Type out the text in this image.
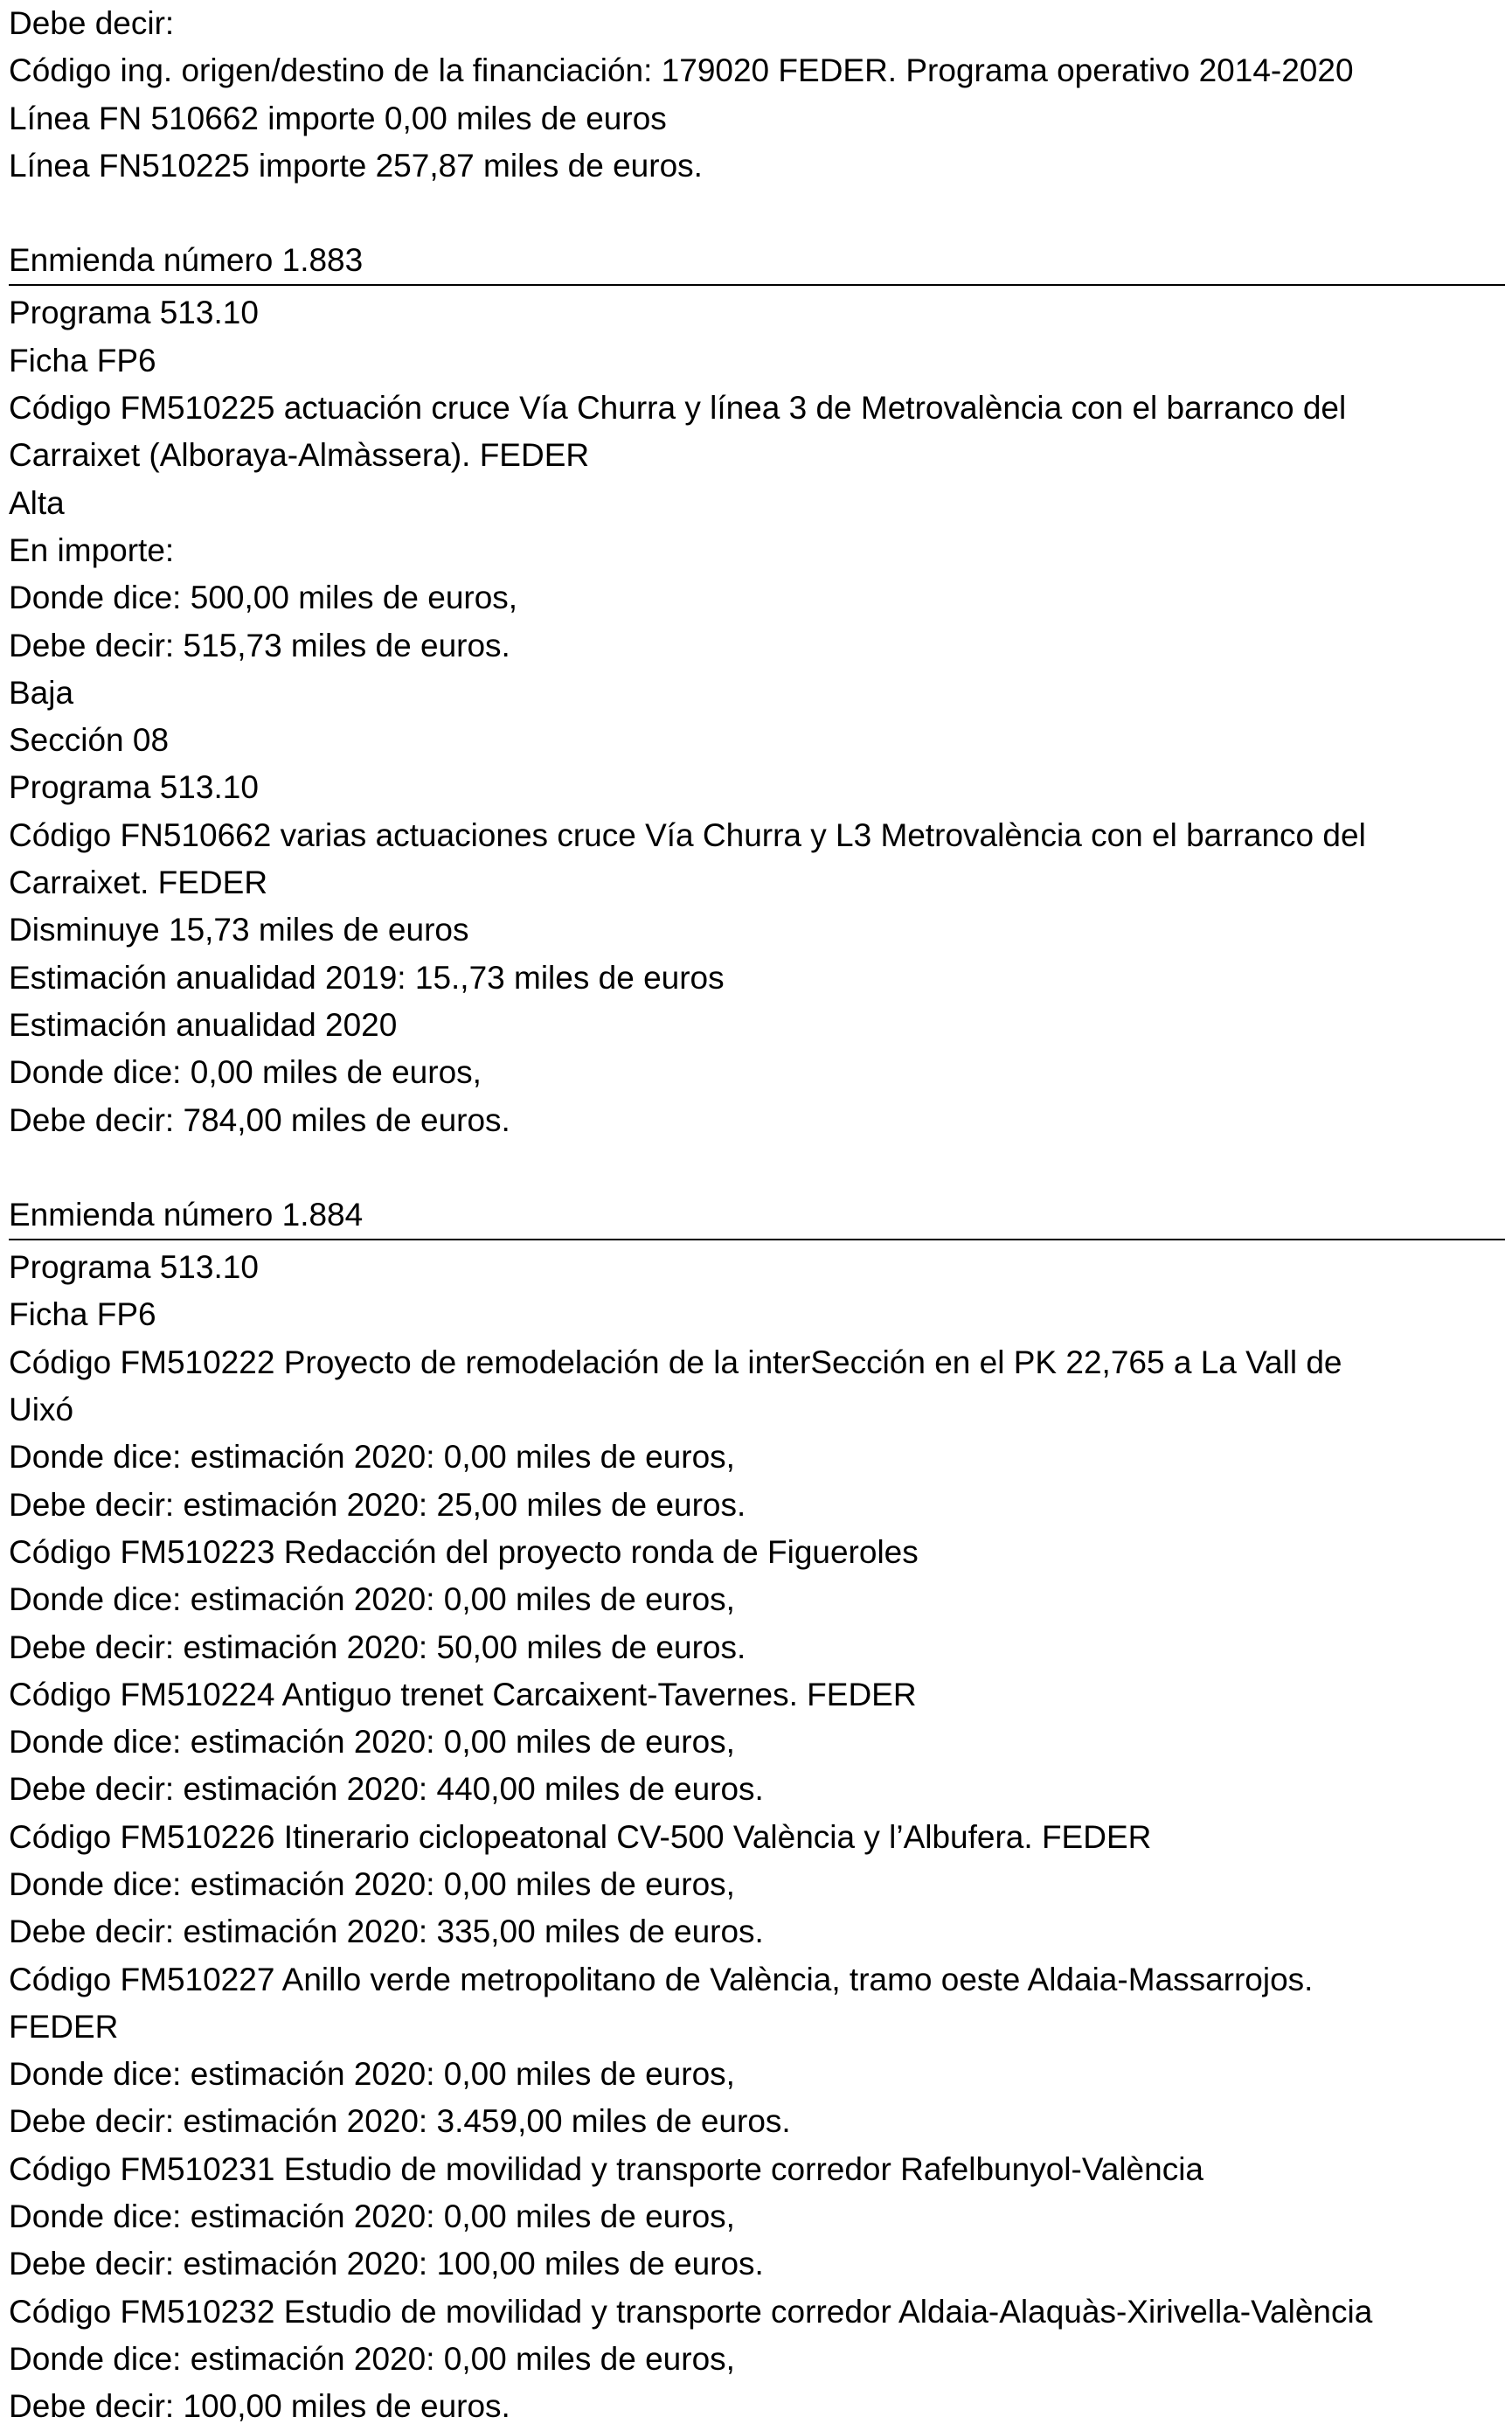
Debe decir:
Código ing. origen/destino de la financiación: 179020 FEDER. Programa operativo 2014-2020
Línea FN 510662 importe 0,00 miles de euros
Línea FN510225 importe 257,87 miles de euros.
Enmienda número 1.883
Programa 513.10
Ficha FP6
Código FM510225 actuación cruce Vía Churra y línea 3 de Metrovalència con el barranco del
Carraixet (Alboraya-Almàssera). FEDER
Alta
En importe:
Donde dice: 500,00 miles de euros,
Debe decir: 515,73 miles de euros.
Baja
Sección 08
Programa 513.10
Código FN510662 varias actuaciones cruce Vía Churra y L3 Metrovalència con el barranco del
Carraixet. FEDER
Disminuye 15,73 miles de euros
Estimación anualidad 2019: 15.,73 miles de euros
Estimación anualidad 2020
Donde dice: 0,00 miles de euros,
Debe decir: 784,00 miles de euros.
Enmienda número 1.884
Programa 513.10
Ficha FP6
Código FM510222 Proyecto de remodelación de la interSección en el PK 22,765 a La Vall de
Uixó
Donde dice: estimación 2020: 0,00 miles de euros,
Debe decir: estimación 2020: 25,00 miles de euros.
Código FM510223 Redacción del proyecto ronda de Figueroles
Donde dice: estimación 2020: 0,00 miles de euros,
Debe decir: estimación 2020: 50,00 miles de euros.
Código FM510224 Antiguo trenet Carcaixent-Tavernes. FEDER
Donde dice: estimación 2020: 0,00 miles de euros,
Debe decir: estimación 2020: 440,00 miles de euros.
Código FM510226 Itinerario ciclopeatonal CV-500 València y l’Albufera. FEDER
Donde dice: estimación 2020: 0,00 miles de euros,
Debe decir: estimación 2020: 335,00 miles de euros.
Código FM510227 Anillo verde metropolitano de València, tramo oeste Aldaia-Massarrojos.
FEDER
Donde dice: estimación 2020: 0,00 miles de euros,
Debe decir: estimación 2020: 3.459,00 miles de euros.
Código FM510231 Estudio de movilidad y transporte corredor Rafelbunyol-València
Donde dice: estimación 2020: 0,00 miles de euros,
Debe decir: estimación 2020: 100,00 miles de euros.
Código FM510232 Estudio de movilidad y transporte corredor Aldaia-Alaquàs-Xirivella-València
Donde dice: estimación 2020: 0,00 miles de euros,
Debe decir: 100,00 miles de euros.
